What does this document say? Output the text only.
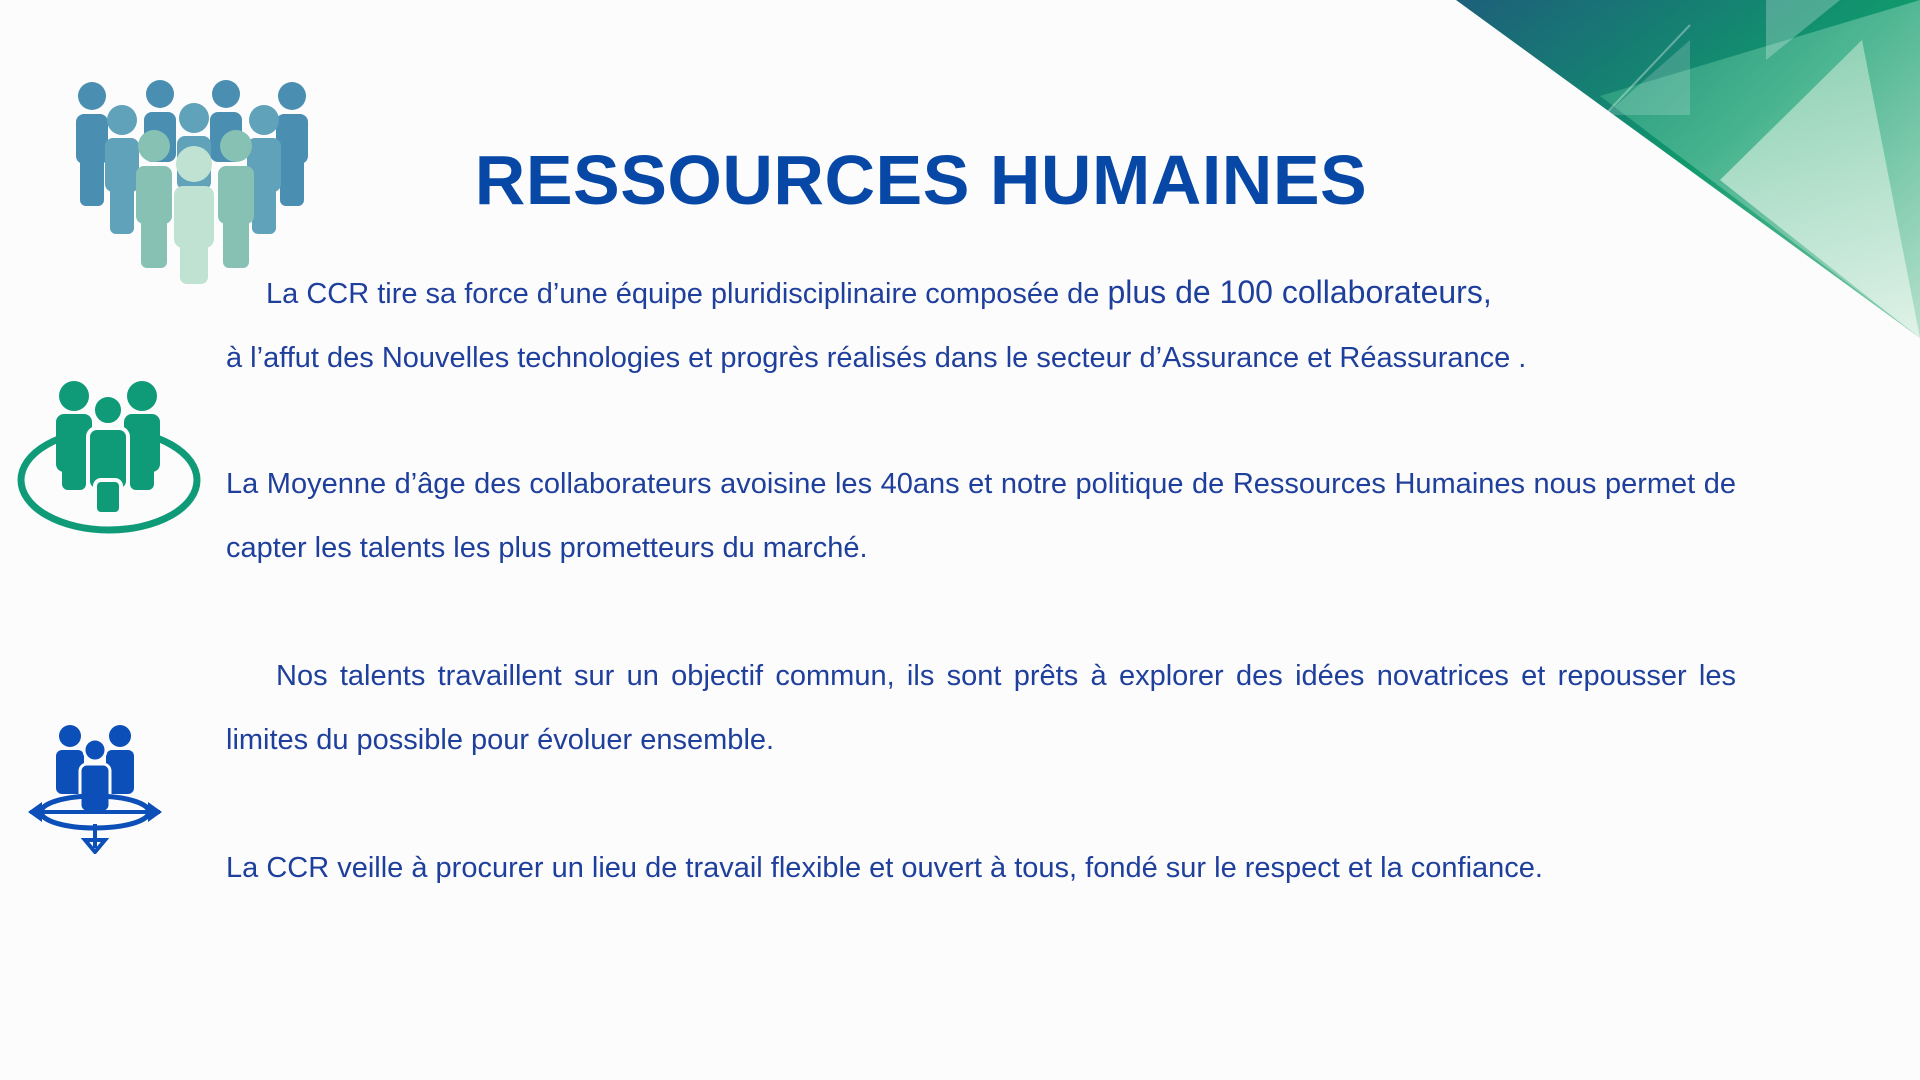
RESSOURCES HUMAINES
La CCR tire sa force d’une équipe pluridisciplinaire composée de plus de 100 collaborateurs,
à l’affut des Nouvelles technologies et progrès réalisés dans le secteur d’Assurance et Réassurance .

La Moyenne d’âge des collaborateurs avoisine les 40ans et notre politique de Ressources Humaines nous permet de capter les talents les plus prometteurs du marché.

Nos talents travaillent sur un objectif commun, ils sont prêts à explorer des idées novatrices et repousser les limites du possible pour évoluer ensemble.

La CCR veille à procurer un lieu de travail flexible et ouvert à tous, fondé sur le respect et la confiance.
